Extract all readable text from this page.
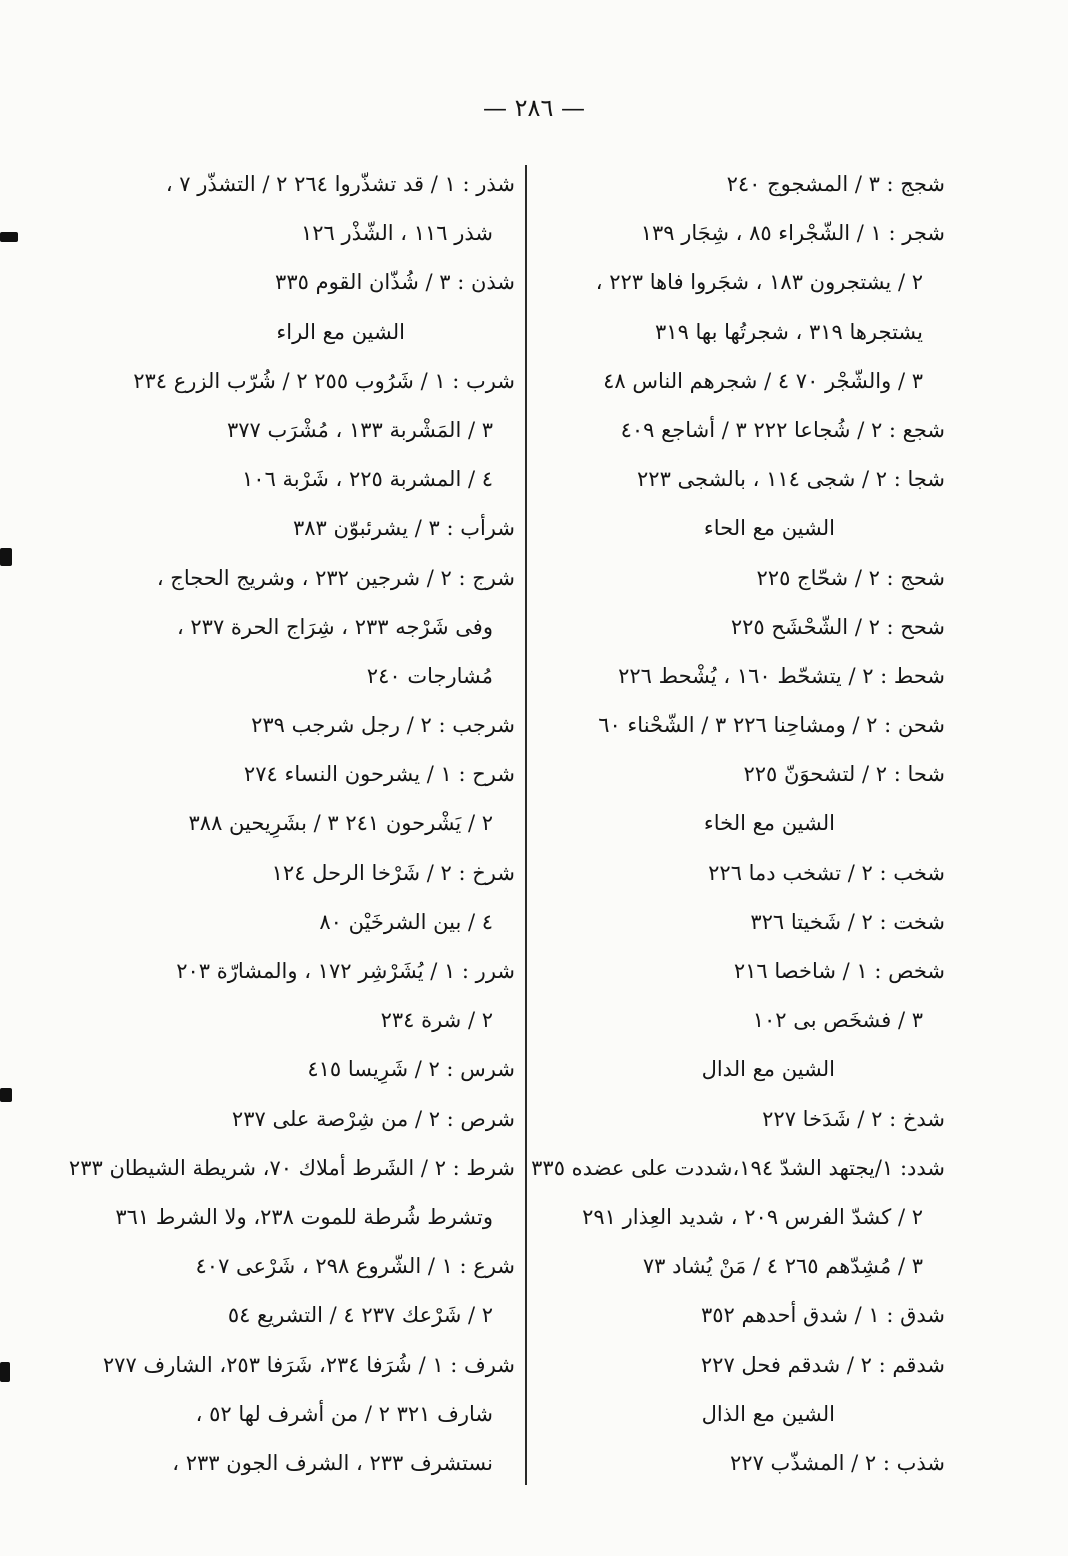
— ٢٨٦ —
شجج : ٣ / المشجوج ٢٤٠
شجر : ١ / الشّجْراء ٨٥ ، شِجَار ١٣٩
٢ / يشتجرون ١٨٣ ، شجَروا فاها ٢٢٣ ،
يشتجرها ٣١٩ ، شجرتُها بها ٣١٩
٣ / والشّجْر ٧٠ ٤ / شجرهم الناس ٤٨
شجع : ٢ / شُجاعا ٢٢٢ ٣ / أشاجع ٤٠٩
شجا : ٢ / شجى ١١٤ ، بالشجى ٢٢٣
الشين مع الحاء
شحج : ٢ / شحّاج ٢٢٥
شحح : ٢ / الشّحْشَح ٢٢٥
شحط : ٢ / يتشحّط ١٦٠ ، يُشْحط ٢٢٦
شحن : ٢ / ومشاحِنا ٢٢٦ ٣ / الشّحْناء ٦٠
شحا : ٢ / لتشحوَنّ ٢٢٥
الشين مع الخاء
شخب : ٢ / تشخب دما ٢٢٦
شخت : ٢ / شَخيتا ٣٢٦
شخص : ١ / شاخصا ٢١٦
٣ / فشخَص بى ١٠٢
الشين مع الدال
شدخ : ٢ / شَدَخا ٢٢٧
شدد: ١/يجتهد الشدّ ١٩٤،شددت على عضده ٣٣٥
٢ / كشدّ الفرس ٢٠٩ ، شديد العِذار ٢٩١
٣ / مُشِدّهم ٢٦٥ ٤ / مَنْ يُشاد ٧٣
شدق : ١ / شدق أحدهم ٣٥٢
شدقم : ٢ / شدقم فحل ٢٢٧
الشين مع الذال
شذب : ٢ / المشذّب ٢٢٧
شذر : ١ / قد تشذّروا ٢٦٤ ٢ / التشذّر ٧ ،
شذر ١١٦ ، الشّذْر ١٢٦
شذن : ٣ / شُذّان القوم ٣٣٥
الشين مع الراء
شرب : ١ / شَرُوب ٢٥٥ ٢ / شُرّب الزرع ٢٣٤
٣ / المَشْربة ١٣٣ ، مُشْرَب ٣٧٧
٤ / المشربة ٢٢٥ ، شَرْبة ١٠٦
شرأب : ٣ / يشرئبوّن ٣٨٣
شرج : ٢ / شرجين ٢٣٢ ، وشريج الحجاج ،
وفى شَرْجه ٢٣٣ ، شِرَاج الحرة ٢٣٧ ،
مُشارجات ٢٤٠
شرجب : ٢ / رجل شرجب ٢٣٩
شرح : ١ / يشرحون النساء ٢٧٤
٢ / يَشْرحون ٢٤١ ٣ / بشَرِيحين ٣٨٨
شرخ : ٢ / شَرْخا الرحل ١٢٤
٤ / بين الشرخَيْن ٨٠
شرر : ١ / يُشَرْشِر ١٧٢ ، والمشارّة ٢٠٣
٢ / شرة ٢٣٤
شرس : ٢ / شَرِيسا ٤١٥
شرص : ٢ / من شِرْصة على ٢٣٧
شرط : ٢ / الشَرط أملاك ٧٠، شريطة الشيطان ٢٣٣
وتشرط شُرطة للموت ٢٣٨، ولا الشرط ٣٦١
شرع : ١ / الشّروع ٢٩٨ ، شَرْعى ٤٠٧
٢ / شَرْعك ٢٣٧ ٤ / التشريع ٥٤
شرف : ١ / شُرَفا ٢٣٤، شَرَفا ٢٥٣، الشارف ٢٧٧
شارف ٣٢١ ٢ / من أشرف لها ٥٢ ،
نستشرف ٢٣٣ ، الشرف الجون ٢٣٣ ،
